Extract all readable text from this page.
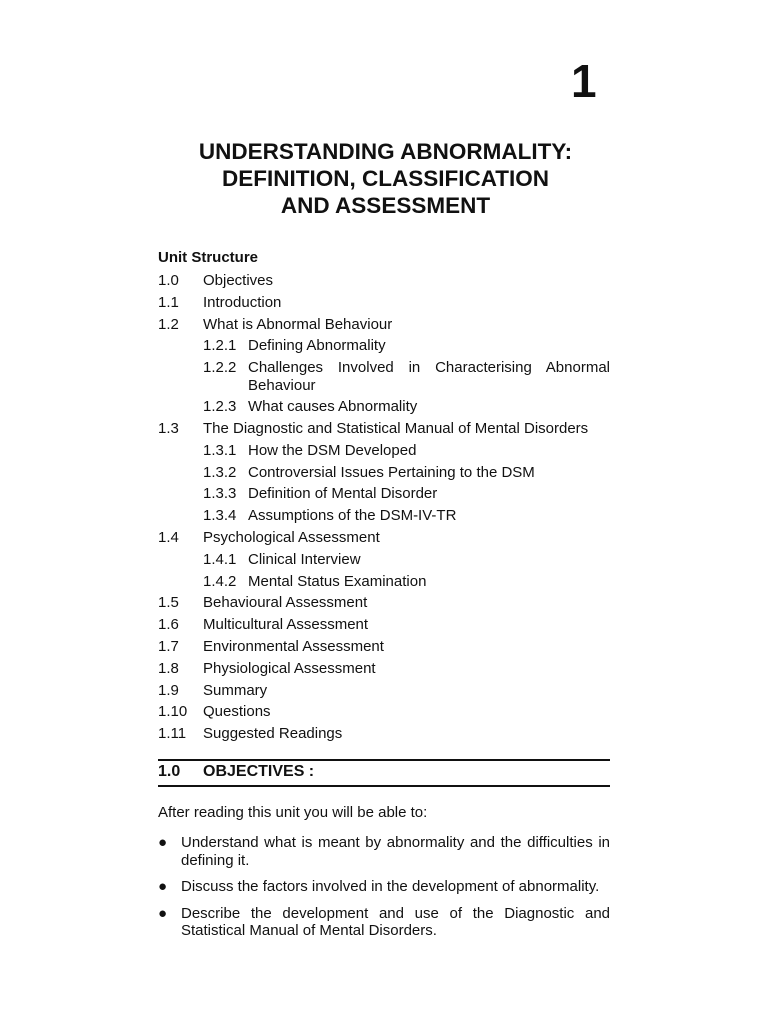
1
UNDERSTANDING ABNORMALITY:
DEFINITION, CLASSIFICATION
AND ASSESSMENT
Unit Structure
1.0 Objectives
1.1 Introduction
1.2 What is Abnormal Behaviour
1.2.1 Defining Abnormality
1.2.2 Challenges Involved in Characterising Abnormal Behaviour
1.2.3 What causes Abnormality
1.3 The Diagnostic and Statistical Manual of Mental Disorders
1.3.1 How the DSM Developed
1.3.2 Controversial Issues Pertaining to the DSM
1.3.3 Definition of Mental Disorder
1.3.4 Assumptions of the DSM-IV-TR
1.4 Psychological Assessment
1.4.1 Clinical Interview
1.4.2 Mental Status Examination
1.5 Behavioural Assessment
1.6 Multicultural Assessment
1.7 Environmental Assessment
1.8 Physiological Assessment
1.9 Summary
1.10 Questions
1.11 Suggested Readings
1.0 OBJECTIVES :
After reading this unit you will be able to:
● Understand what is meant by abnormality and the difficulties in defining it.
● Discuss the factors involved in the development of abnormality.
● Describe the development and use of the Diagnostic and Statistical Manual of Mental Disorders.
